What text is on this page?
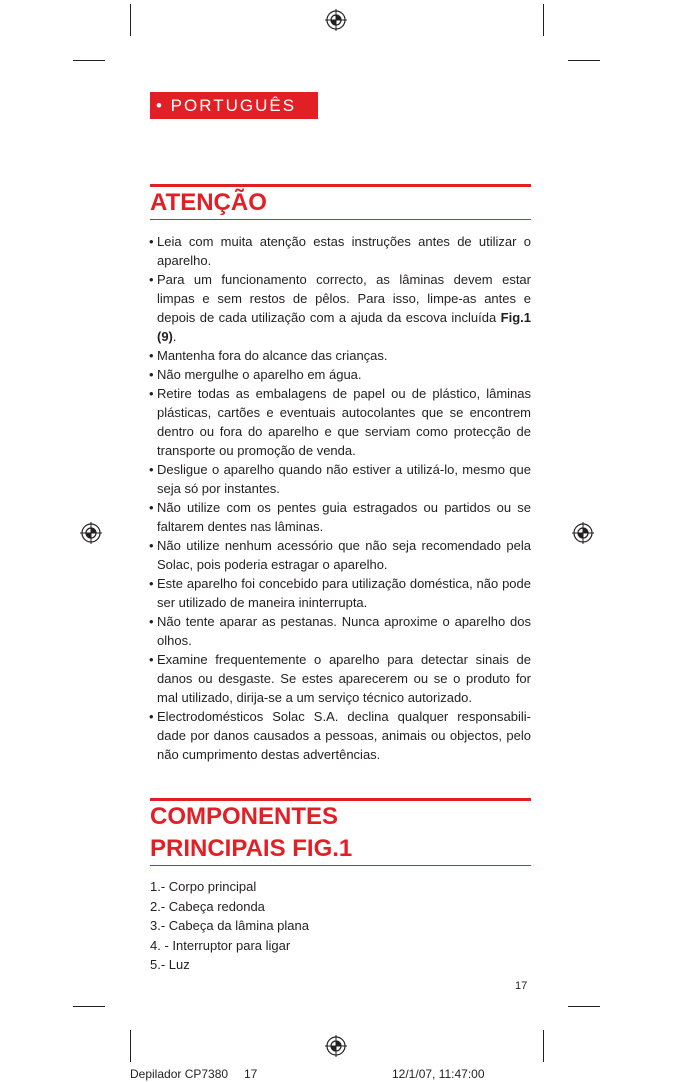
• PORTUGUÊS
ATENÇÃO
• Leia com muita atenção estas instruções antes de utilizar o aparelho.
• Para um funcionamento correcto, as lâminas devem estar limpas e sem restos de pêlos. Para isso, limpe-as antes e depois de cada utilização com a ajuda da escova incluída Fig.1 (9).
• Mantenha fora do alcance das crianças.
• Não mergulhe o aparelho em água.
• Retire todas as embalagens de papel ou de plástico, lâminas plásticas, cartões e eventuais autocolantes que se encontrem dentro ou fora do aparelho e que serviam como protecção de transporte ou promoção de venda.
• Desligue o aparelho quando não estiver a utilizá-lo, mesmo que seja só por instantes.
• Não utilize com os pentes guia estragados ou partidos ou se faltarem dentes nas lâminas.
• Não utilize nenhum acessório que não seja recomendado pela Solac, pois poderia estragar o aparelho.
• Este aparelho foi concebido para utilização doméstica, não pode ser utilizado de maneira ininterrupta.
• Não tente aparar as pestanas. Nunca aproxime o aparelho dos olhos.
• Examine frequentemente o aparelho para detectar sinais de danos ou desgaste. Se estes aparecerem ou se o produto for mal utilizado, dirija-se a um serviço técnico autorizado.
• Electrodomésticos Solac S.A. declina qualquer responsabili-dade por danos causados a pessoas, animais ou objectos, pelo não cumprimento destas advertências.
COMPONENTES
PRINCIPAIS FIG.1
1.- Corpo principal
2.- Cabeça redonda
3.- Cabeça da lâmina plana
4. - Interruptor para ligar
5.- Luz
17
Depilador CP7380 17	12/1/07, 11:47:00
